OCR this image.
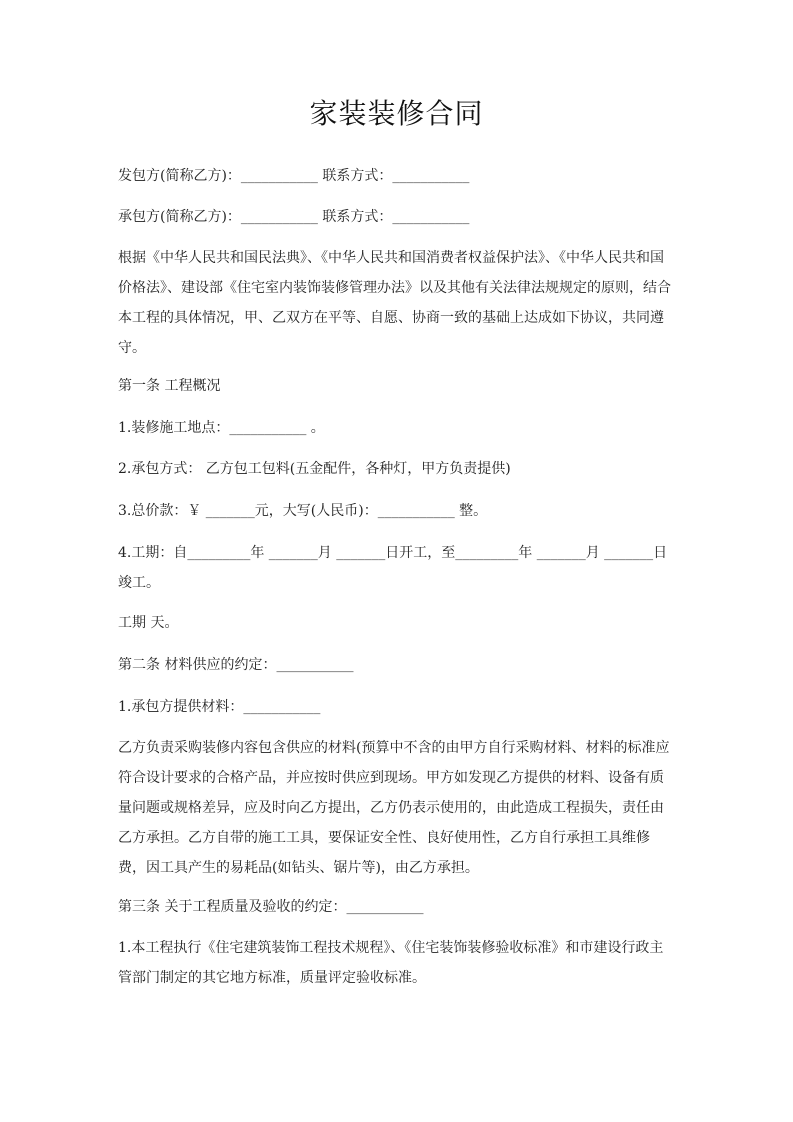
家装装修合同

发包方(简称乙方)：___________ 联系方式：___________

承包方(简称乙方)：___________ 联系方式：___________

根据《中华人民共和国民法典》、《中华人民共和国消费者权益保护法》、《中华人民共和国价格法》、建设部《住宅室内装饰装修管理办法》以及其他有关法律法规规定的原则，结合本工程的具体情况，甲、乙双方在平等、自愿、协商一致的基础上达成如下协议，共同遵守。

第一条 工程概况

1.装修施工地点：___________ 。

2.承包方式： 乙方包工包料(五金配件，各种灯，甲方负责提供)

3.总价款：￥ _______元，大写(人民币)：___________ 整。

4.工期：自_________年 _______月 _______日开工，至_________年 _______月 _______日竣工。

工期 天。

第二条 材料供应的约定：___________

1.承包方提供材料：___________

乙方负责采购装修内容包含供应的材料(预算中不含的由甲方自行采购材料、材料的标准应符合设计要求的合格产品，并应按时供应到现场。甲方如发现乙方提供的材料、设备有质量问题或规格差异，应及时向乙方提出，乙方仍表示使用的，由此造成工程损失，责任由乙方承担。乙方自带的施工工具，要保证安全性、良好使用性，乙方自行承担工具维修费，因工具产生的易耗品(如钻头、锯片等)，由乙方承担。

第三条 关于工程质量及验收的约定：___________

1.本工程执行《住宅建筑装饰工程技术规程》、《住宅装饰装修验收标准》和市建设行政主管部门制定的其它地方标准，质量评定验收标准。
